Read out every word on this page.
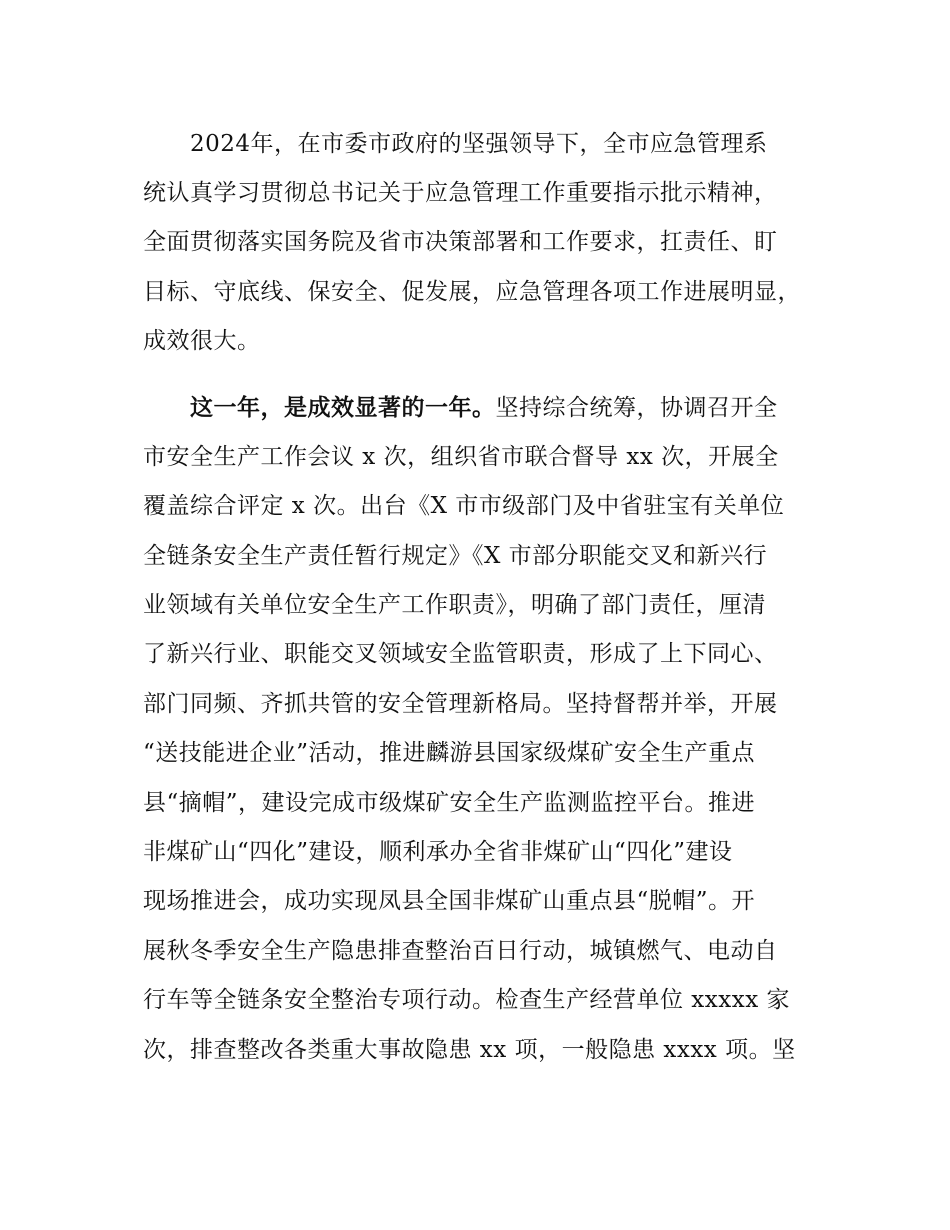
2024年，在市委市政府的坚强领导下，全市应急管理系
统认真学习贯彻总书记关于应急管理工作重要指示批示精神，
全面贯彻落实国务院及省市决策部署和工作要求，扛责任、盯
目标、守底线、保安全、促发展，应急管理各项工作进展明显，
成效很大。
这一年，是成效显著的一年。坚持综合统筹，协调召开全
市安全生产工作会议 x 次，组织省市联合督导 xx 次，开展全
覆盖综合评定 x 次。出台《X 市市级部门及中省驻宝有关单位
全链条安全生产责任暂行规定》《X 市部分职能交叉和新兴行
业领域有关单位安全生产工作职责》，明确了部门责任，厘清
了新兴行业、职能交叉领域安全监管职责，形成了上下同心、
部门同频、齐抓共管的安全管理新格局。坚持督帮并举，开展
“送技能进企业”活动，推进麟游县国家级煤矿安全生产重点
县“摘帽”，建设完成市级煤矿安全生产监测监控平台。推进
非煤矿山“四化”建设，顺利承办全省非煤矿山“四化”建设
现场推进会，成功实现凤县全国非煤矿山重点县“脱帽”。开
展秋冬季安全生产隐患排查整治百日行动，城镇燃气、电动自
行车等全链条安全整治专项行动。检查生产经营单位 xxxxx 家
次，排查整改各类重大事故隐患 xx 项，一般隐患 xxxx 项。坚
